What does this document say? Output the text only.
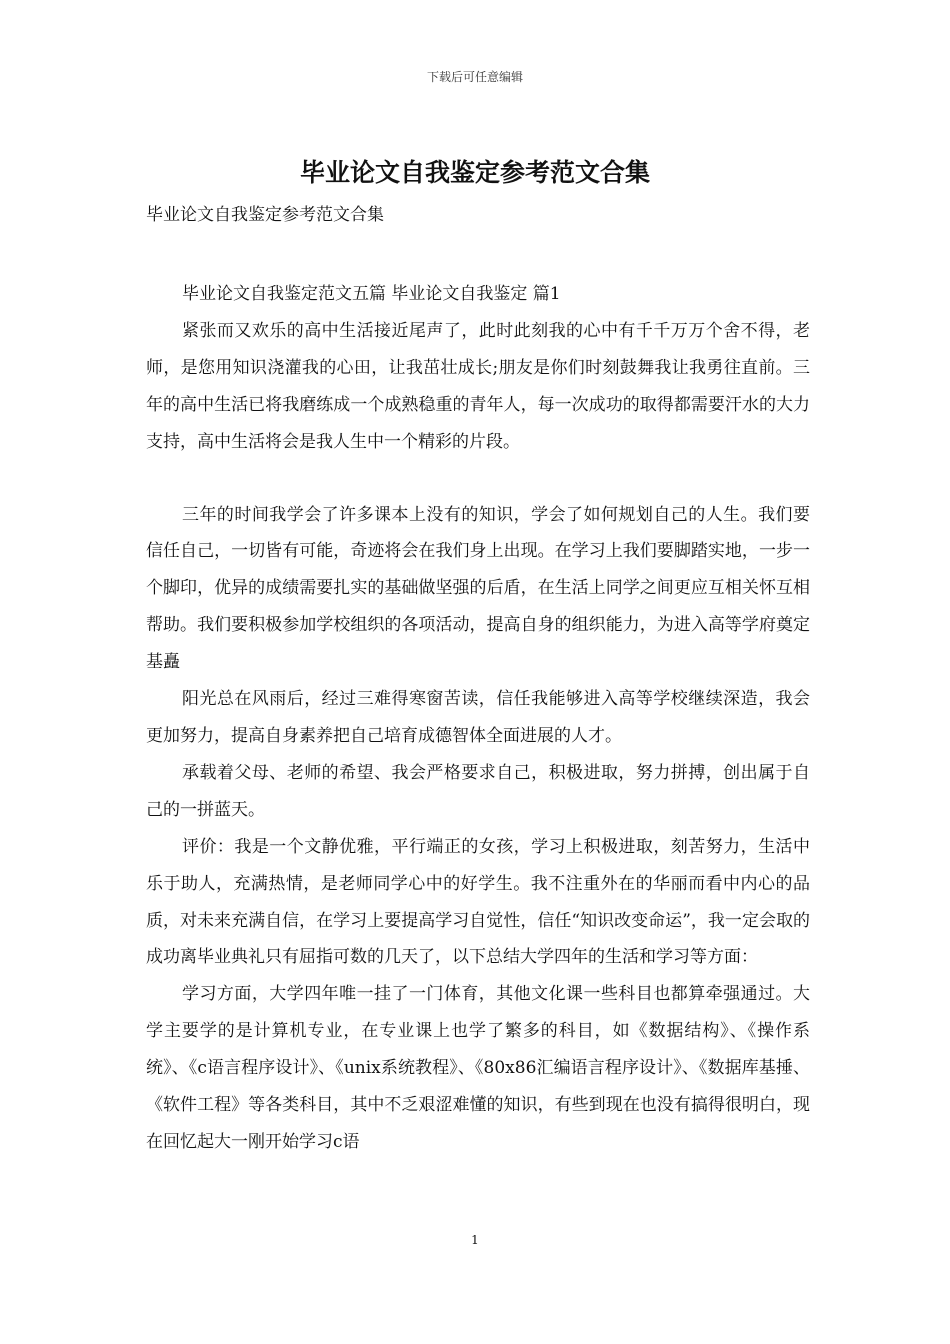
下载后可任意编辑
毕业论文自我鉴定参考范文合集

毕业论文自我鉴定参考范文合集

毕业论文自我鉴定范文五篇 毕业论文自我鉴定 篇1

紧张而又欢乐的高中生活接近尾声了，此时此刻我的心中有千千万万个舍不得，老师，是您用知识浇灌我的心田，让我茁壮成长;朋友是你们时刻鼓舞我让我勇往直前。三年的高中生活已将我磨练成一个成熟稳重的青年人，每一次成功的取得都需要汗水的大力支持，高中生活将会是我人生中一个精彩的片段。

三年的时间我学会了许多课本上没有的知识，学会了如何规划自己的人生。我们要信任自己，一切皆有可能，奇迹将会在我们身上出现。在学习上我们要脚踏实地，一步一个脚印，优异的成绩需要扎实的基础做坚强的后盾，在生活上同学之间更应互相关怀互相帮助。我们要积极参加学校组织的各项活动，提高自身的组织能力，为进入高等学府奠定基矗

阳光总在风雨后，经过三难得寒窗苦读，信任我能够进入高等学校继续深造，我会更加努力，提高自身素养把自己培育成德智体全面进展的人才。

承载着父母、老师的希望、我会严格要求自己，积极进取，努力拼搏，创出属于自己的一拼蓝天。

评价：我是一个文静优雅，平行端正的女孩，学习上积极进取，刻苦努力，生活中乐于助人，充满热情，是老师同学心中的好学生。我不注重外在的华丽而看中内心的品质，对未来充满自信，在学习上要提高学习自觉性，信任“知识改变命运”，我一定会取的成功离毕业典礼只有屈指可数的几天了，以下总结大学四年的生活和学习等方面：

学习方面，大学四年唯一挂了一门体育，其他文化课一些科目也都算牵强通过。大学主要学的是计算机专业，在专业课上也学了繁多的科目，如《数据结构》、《操作系统》、《c语言程序设计》、《unix系统教程》、《80x86汇编语言程序设计》、《数据库基捶、《软件工程》等各类科目，其中不乏艰涩难懂的知识，有些到现在也没有搞得很明白，现在回忆起大一刚开始学习c语

1
